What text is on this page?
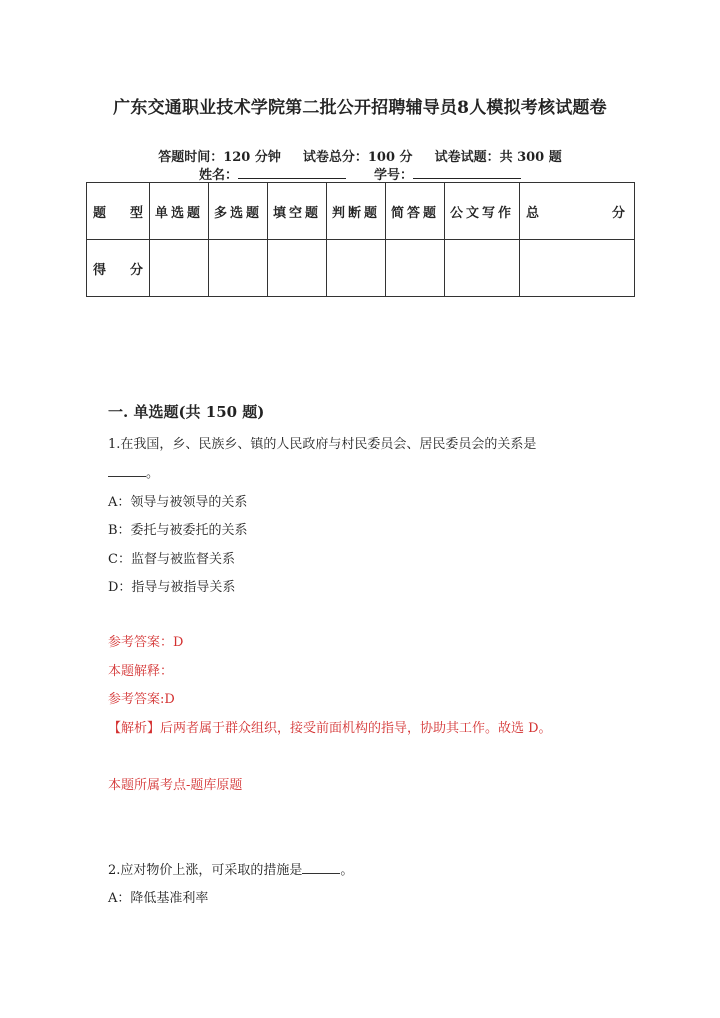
广东交通职业技术学院第二批公开招聘辅导员8人模拟考核试题卷
答题时间：120 分钟 试卷总分：100 分 试卷试题：共 300 题
姓名：	学号：
题　型	单选题	多选题	填空题	判断题	简答题	公文写作	总　分
得　分							
一. 单选题(共 150 题)
1.在我国，乡、民族乡、镇的人民政府与村民委员会、居民委员会的关系是
。
A：领导与被领导的关系
B：委托与被委托的关系
C：监督与被监督关系
D：指导与被指导关系
参考答案：D
本题解释：
参考答案:D
【解析】后两者属于群众组织，接受前面机构的指导，协助其工作。故选 D。
本题所属考点-题库原题
2.应对物价上涨，可采取的措施是	。
A：降低基准利率
